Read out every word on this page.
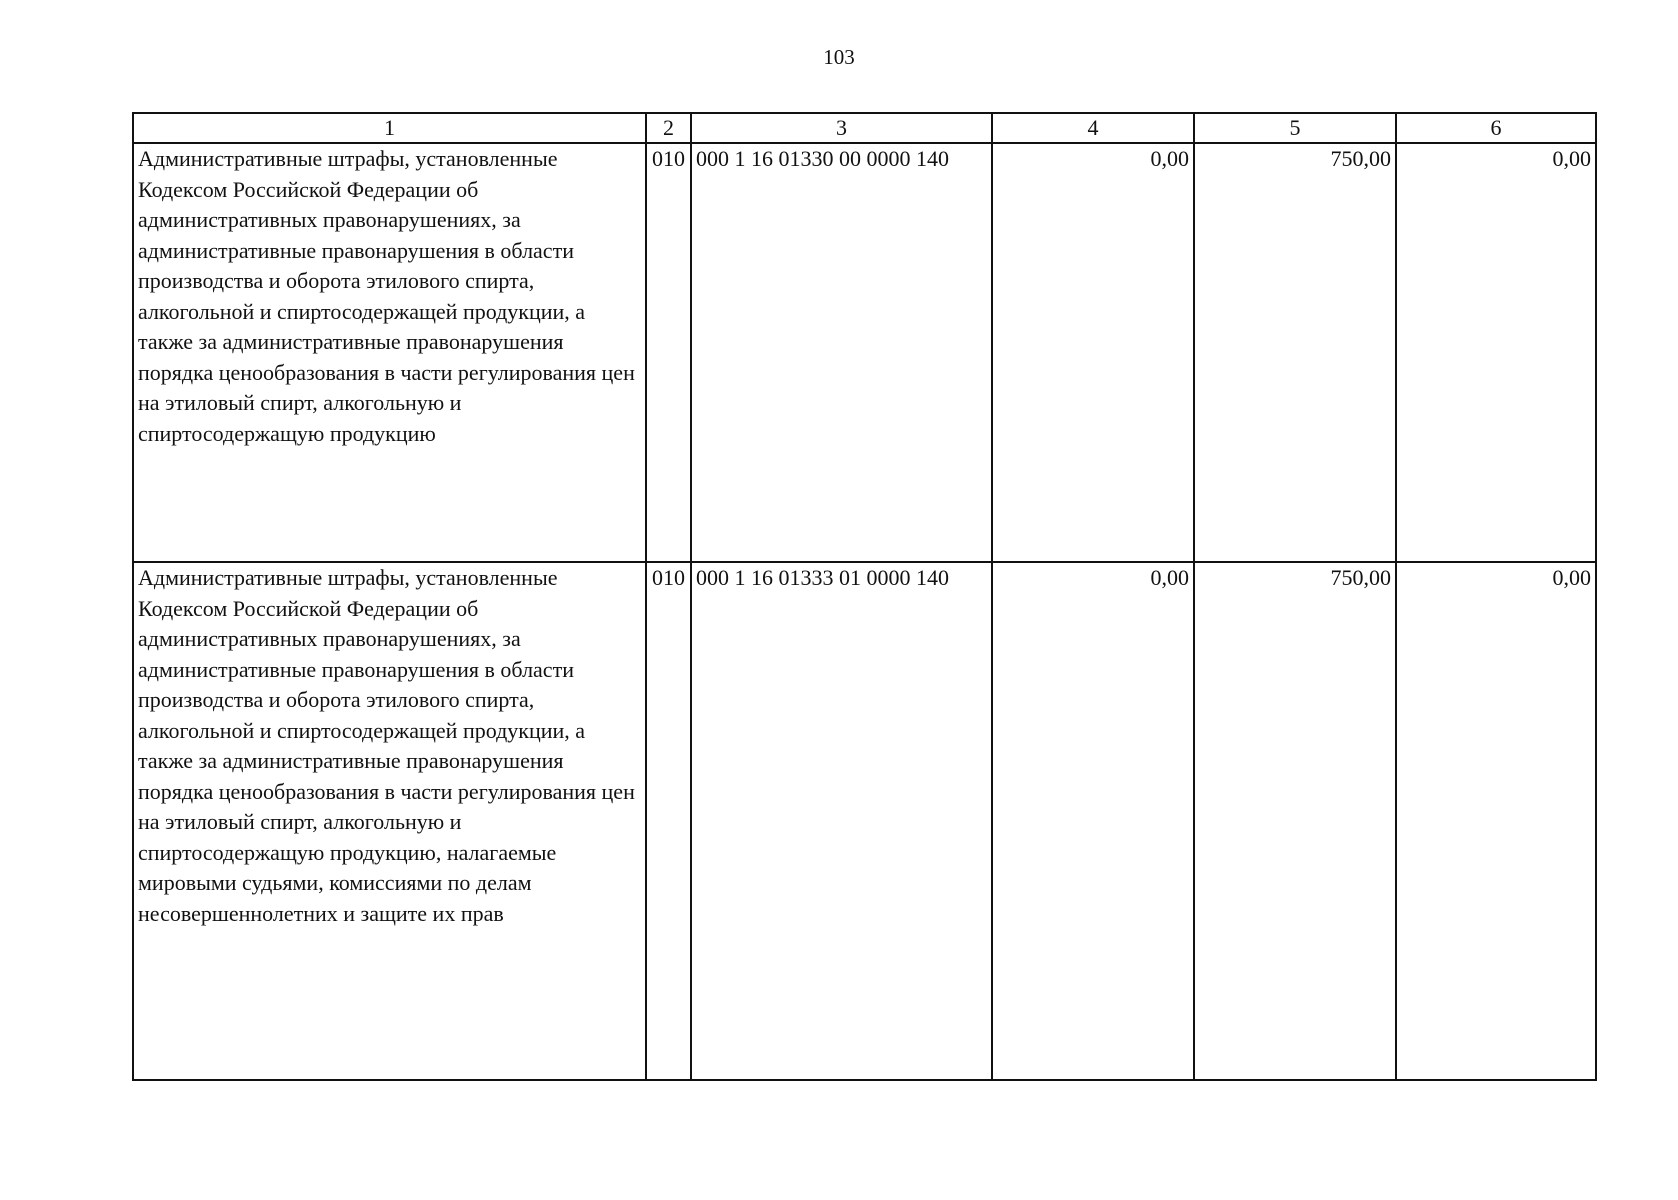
103
1	2	3	4	5	6
Административные штрафы, установленные Кодексом Российской Федерации об административных правонарушениях, за административные правонарушения в области производства и оборота этилового спирта, алкогольной и спиртосодержащей продукции, а также за административные правонарушения порядка ценообразования в части регулирования цен на этиловый спирт, алкогольную и спиртосодержащую продукцию	010	000 1 16 01330 00 0000 140	0,00	750,00	0,00
Административные штрафы, установленные Кодексом Российской Федерации об административных правонарушениях, за административные правонарушения в области производства и оборота этилового спирта, алкогольной и спиртосодержащей продукции, а также за административные правонарушения порядка ценообразования в части регулирования цен на этиловый спирт, алкогольную и спиртосодержащую продукцию, налагаемые мировыми судьями, комиссиями по делам несовершеннолетних и защите их прав	010	000 1 16 01333 01 0000 140	0,00	750,00	0,00
